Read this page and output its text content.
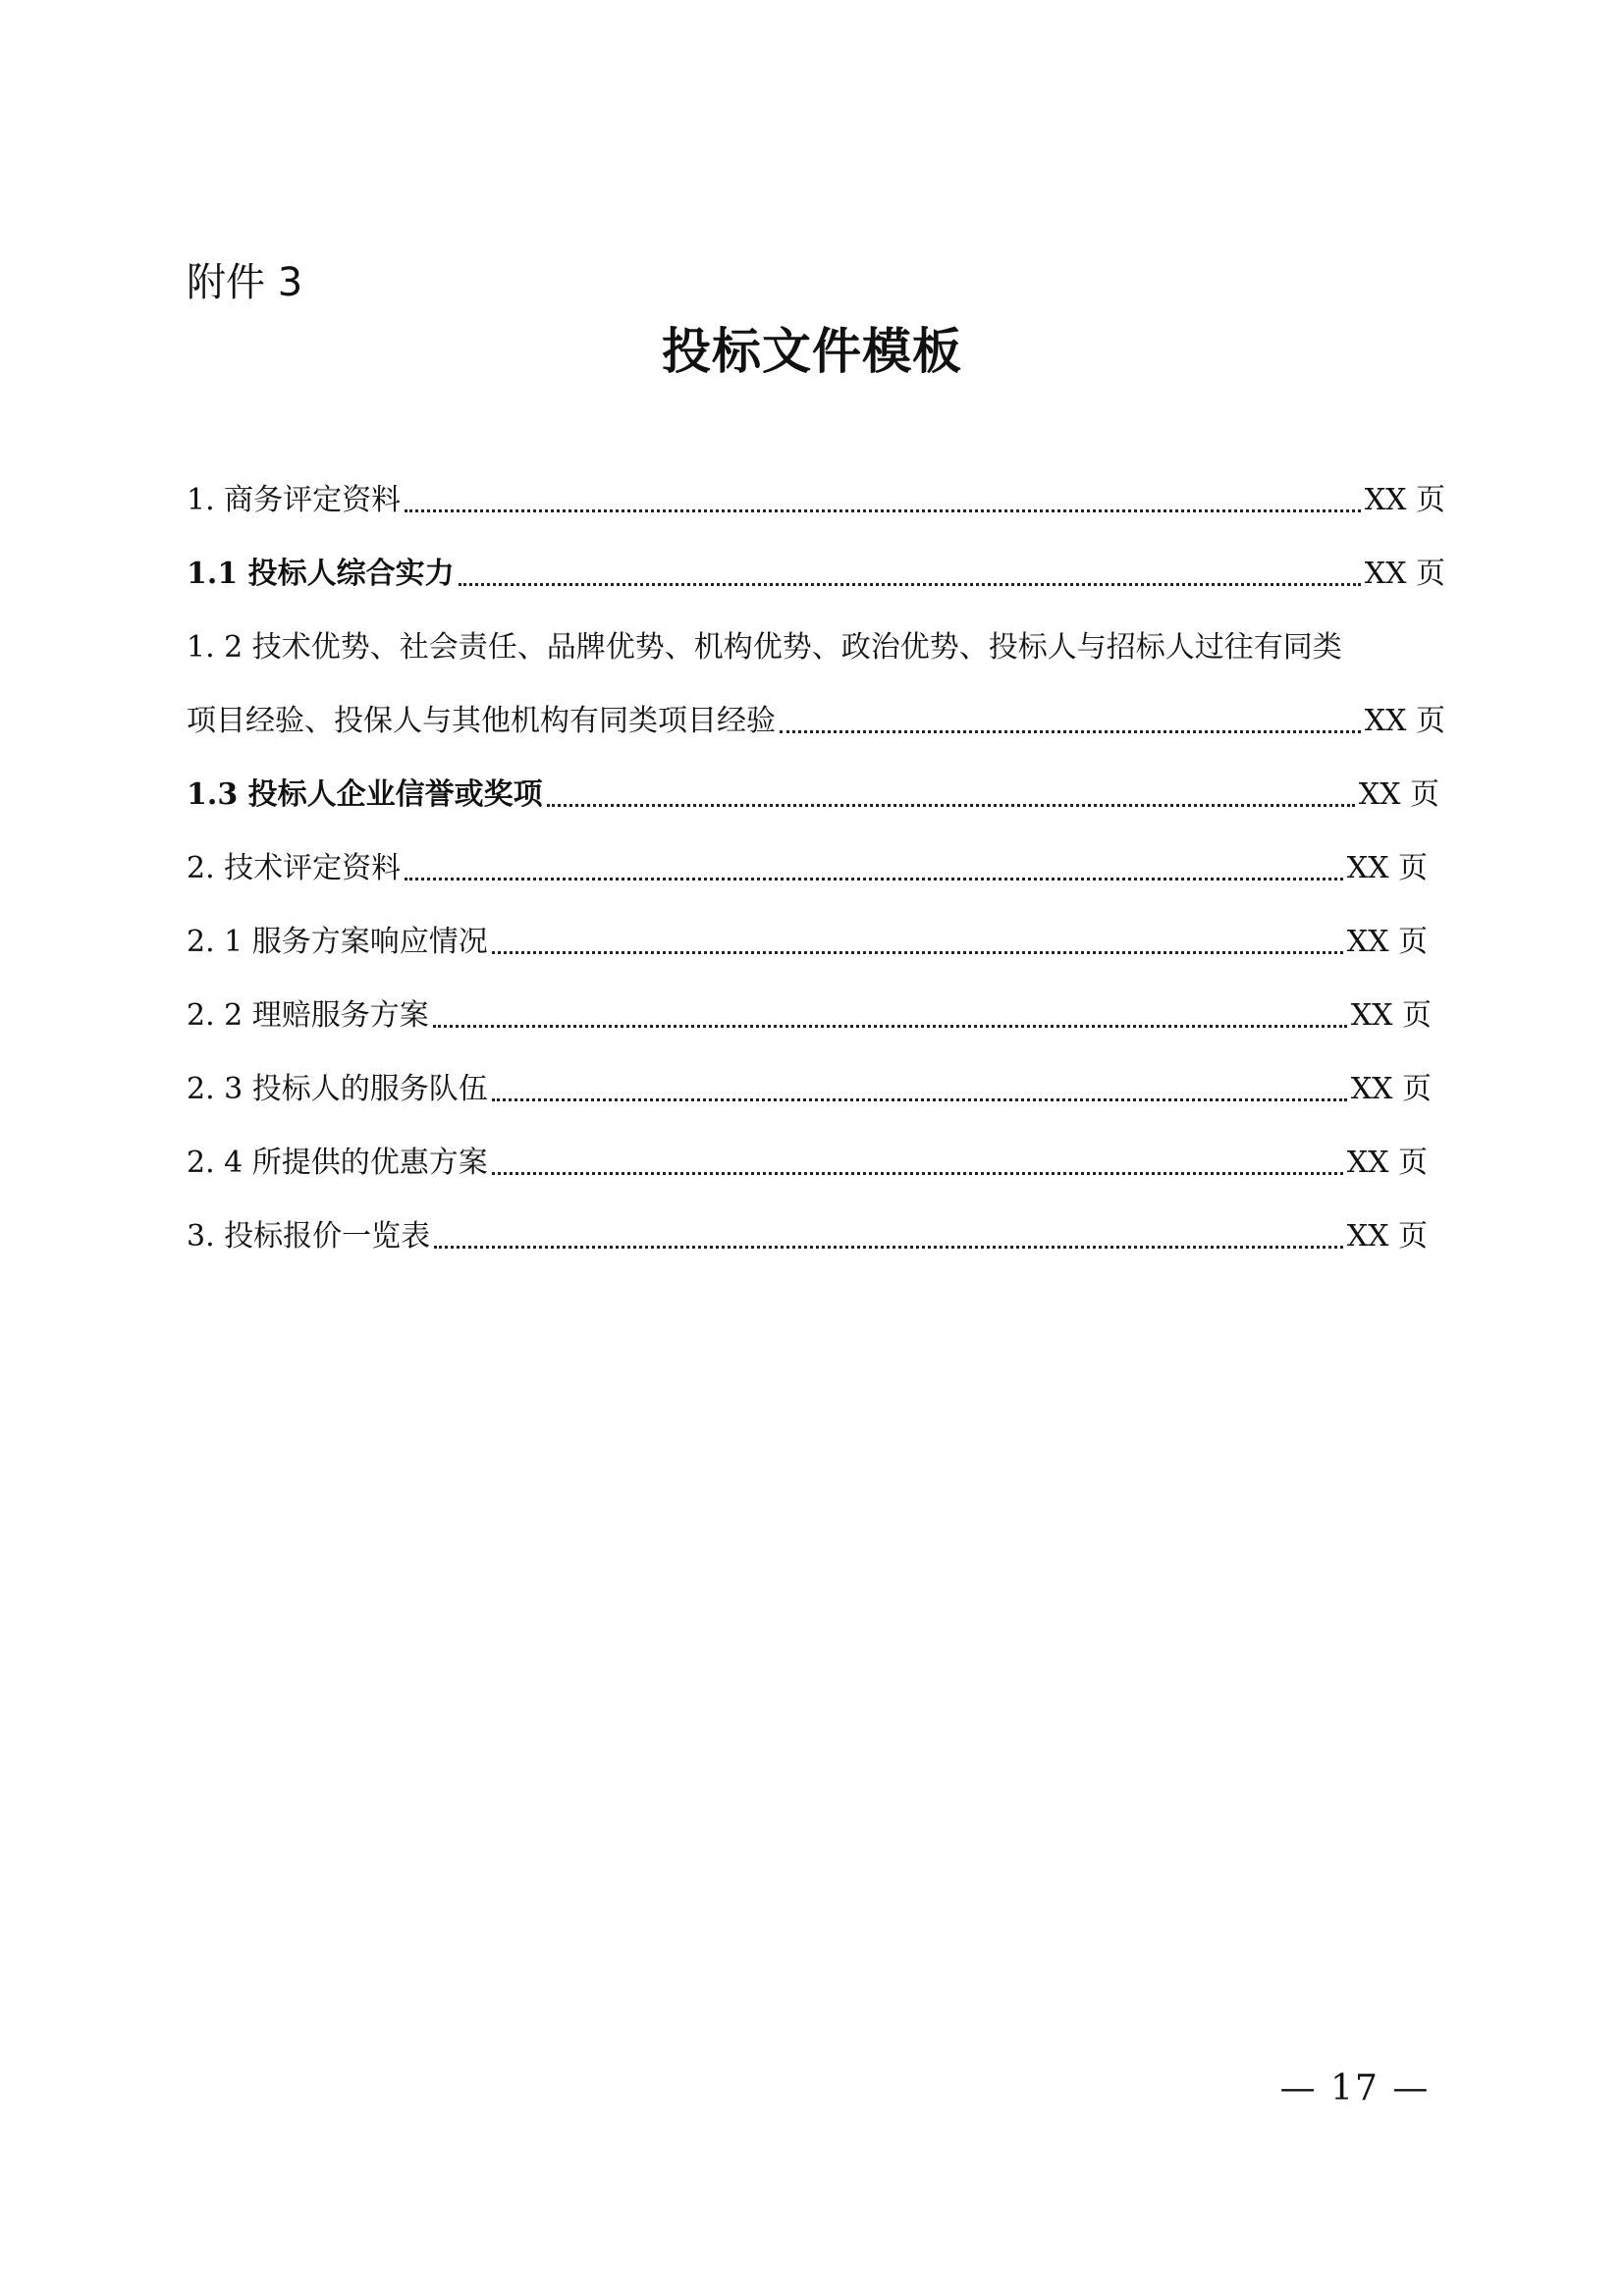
附件 3
投标文件模板
1. 商务评定资料	XX 页
1.1 投标人综合实力	XX 页
1. 2 技术优势、社会责任、品牌优势、机构优势、政治优势、投标人与招标人过往有同类
项目经验、投保人与其他机构有同类项目经验	XX 页
1.3 投标人企业信誉或奖项	XX 页
2. 技术评定资料	XX 页
2. 1 服务方案响应情况	XX 页
2. 2 理赔服务方案	XX 页
2. 3 投标人的服务队伍	XX 页
2. 4 所提供的优惠方案	XX 页
3. 投标报价一览表	XX 页
— 17 —
